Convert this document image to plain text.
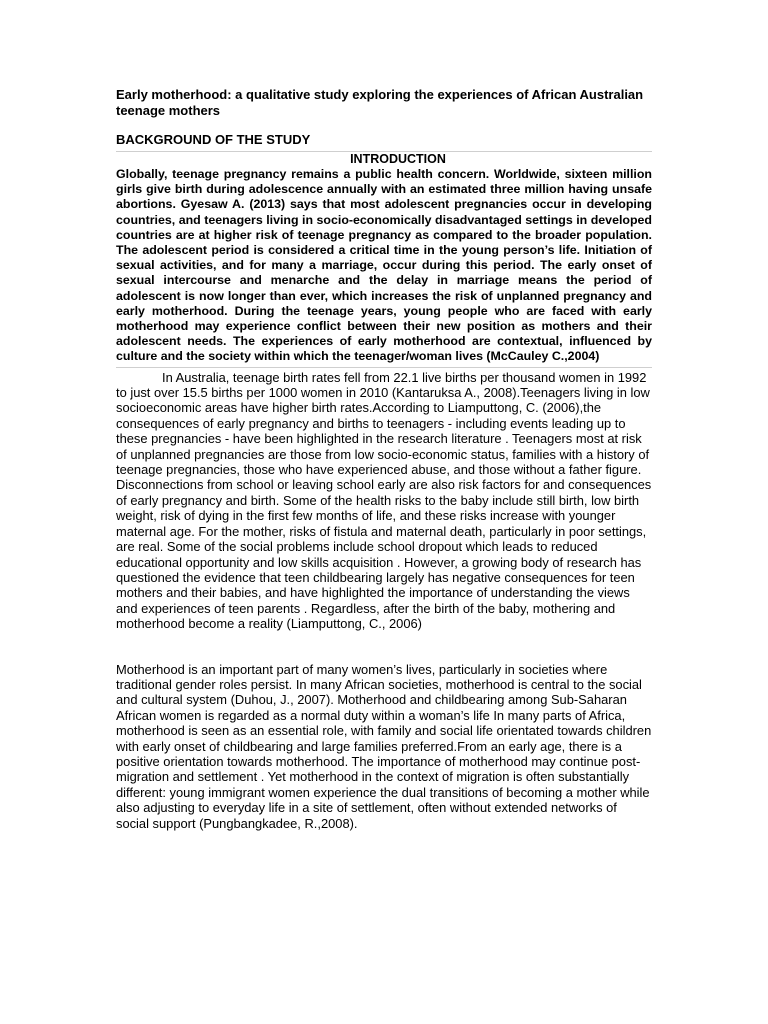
Early motherhood: a qualitative study exploring the experiences of African Australian teenage mothers
BACKGROUND OF THE STUDY
INTRODUCTION

Globally, teenage pregnancy remains a public health concern. Worldwide, sixteen million girls give birth during adolescence annually with an estimated three million having unsafe abortions. Gyesaw A. (2013) says that most adolescent pregnancies occur in developing countries, and teenagers living in socio-economically disadvantaged settings in developed countries are at higher risk of teenage pregnancy as compared to the broader population. The adolescent period is considered a critical time in the young person’s life. Initiation of sexual activities, and for many a marriage, occur during this period. The early onset of sexual intercourse and menarche and the delay in marriage means the period of adolescent is now longer than ever, which increases the risk of unplanned pregnancy and early motherhood. During the teenage years, young people who are faced with early motherhood may experience conflict between their new position as mothers and their adolescent needs. The experiences of early motherhood are contextual, influenced by culture and the society within which the teenager/woman lives (McCauley C.,2004)

In Australia, teenage birth rates fell from 22.1 live births per thousand women in 1992 to just over 15.5 births per 1000 women in 2010 (Kantaruksa A., 2008).Teenagers living in low socioeconomic areas have higher birth rates.According to Liamputtong, C. (2006),the consequences of early pregnancy and births to teenagers - including events leading up to these pregnancies - have been highlighted in the research literature . Teenagers most at risk of unplanned pregnancies are those from low socio-economic status, families with a history of teenage pregnancies, those who have experienced abuse, and those without a father figure. Disconnections from school or leaving school early are also risk factors for and consequences of early pregnancy and birth. Some of the health risks to the baby include still birth, low birth weight, risk of dying in the first few months of life, and these risks increase with younger maternal age. For the mother, risks of fistula and maternal death, particularly in poor settings, are real. Some of the social problems include school dropout which leads to reduced educational opportunity and low skills acquisition . However, a growing body of research has questioned the evidence that teen childbearing largely has negative consequences for teen mothers and their babies, and have highlighted the importance of understanding the views and experiences of teen parents . Regardless, after the birth of the baby, mothering and motherhood become a reality (Liamputtong, C., 2006)

Motherhood is an important part of many women’s lives, particularly in societies where traditional gender roles persist. In many African societies, motherhood is central to the social and cultural system (Duhou, J., 2007). Motherhood and childbearing among Sub-Saharan African women is regarded as a normal duty within a woman’s life In many parts of Africa, motherhood is seen as an essential role, with family and social life orientated towards children with early onset of childbearing and large families preferred.From an early age, there is a positive orientation towards motherhood. The importance of motherhood may continue post-migration and settlement . Yet motherhood in the context of migration is often substantially different: young immigrant women experience the dual transitions of becoming a mother while also adjusting to everyday life in a site of settlement, often without extended networks of social support (Pungbangkadee, R.,2008).
